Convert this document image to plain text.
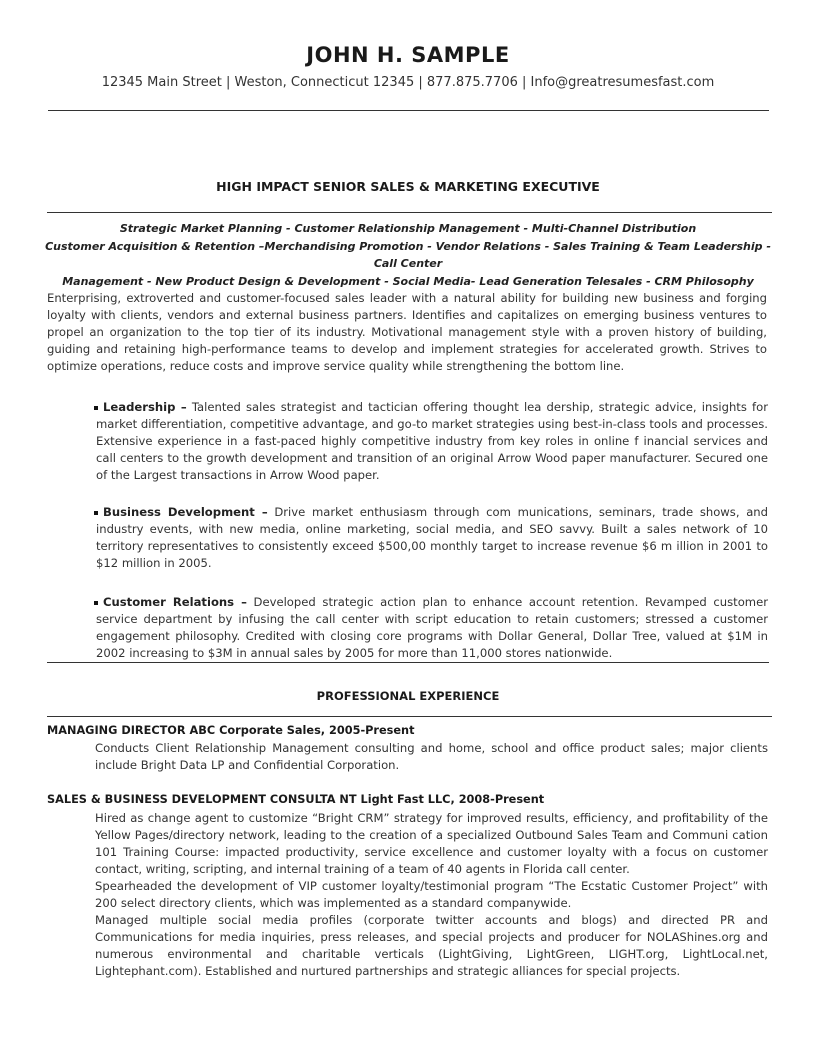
JOHN H. SAMPLE
12345 Main Street | Weston, Connecticut 12345 | 877.875.7706 | Info@greatresumesfast.com
HIGH IMPACT SENIOR SALES & MARKETING EXECUTIVE
Strategic Market Planning - Customer Relationship Management - Multi-Channel Distribution
Customer Acquisition & Retention –Merchandising Promotion - Vendor Relations - Sales Training & Team Leadership - Call Center
Management - New Product Design & Development - Social Media- Lead Generation Telesales - CRM Philosophy
Enterprising, extroverted and customer-focused sales leader with a natural ability for building new business and forging loyalty with clients, vendors and external business partners. Identifies and capitalizes on emerging business ventures to propel an organization to the top tier of its industry. Motivational management style with a proven history of building, guiding and retaining high-performance teams to develop and implement strategies for accelerated growth. Strives to optimize operations, reduce costs and improve service quality while strengthening the bottom line.
Leadership – Talented sales strategist and tactician offering thought lea dership, strategic advice, insights for market differentiation, competitive advantage, and go-to market strategies using best-in-class tools and processes. Extensive experience in a fast-paced highly competitive industry from key roles in online f inancial services and call centers to the growth development and transition of an original Arrow Wood paper manufacturer. Secured one of the Largest transactions in Arrow Wood paper.
Business Development – Drive market enthusiasm through com munications, seminars, trade shows, and industry events, with new media, online marketing, social media, and SEO savvy. Built a sales network of 10 territory representatives to consistently exceed $500,00 monthly target to increase revenue $6 m illion in 2001 to $12 million in 2005.
Customer Relations – Developed strategic action plan to enhance account retention. Revamped customer service department by infusing the call center with script education to retain customers; stressed a customer engagement philosophy. Credited with closing core programs with Dollar General, Dollar Tree, valued at $1M in 2002 increasing to $3M in annual sales by 2005 for more than 11,000 stores nationwide.
PROFESSIONAL EXPERIENCE
MANAGING DIRECTOR ABC Corporate Sales, 2005-Present
Conducts Client Relationship Management consulting and home, school and office product sales; major clients include Bright Data LP and Confidential Corporation.
SALES & BUSINESS DEVELOPMENT CONSULTA NT Light Fast LLC, 2008-Present
Hired as change agent to customize “Bright CRM” strategy for improved results, efficiency, and profitability of the Yellow Pages/directory network, leading to the creation of a specialized Outbound Sales Team and Communi cation 101 Training Course: impacted productivity, service excellence and customer loyalty with a focus on customer contact, writing, scripting, and internal training of a team of 40 agents in Florida call center.
Spearheaded the development of VIP customer loyalty/testimonial program “The Ecstatic Customer Project” with 200 select directory clients, which was implemented as a standard companywide.
Managed multiple social media profiles (corporate twitter accounts and blogs) and directed PR and Communications for media inquiries, press releases, and special projects and producer for NOLAShines.org and numerous environmental and charitable verticals (LightGiving, LightGreen, LIGHT.org, LightLocal.net, Lightephant.com). Established and nurtured partnerships and strategic alliances for special projects.
